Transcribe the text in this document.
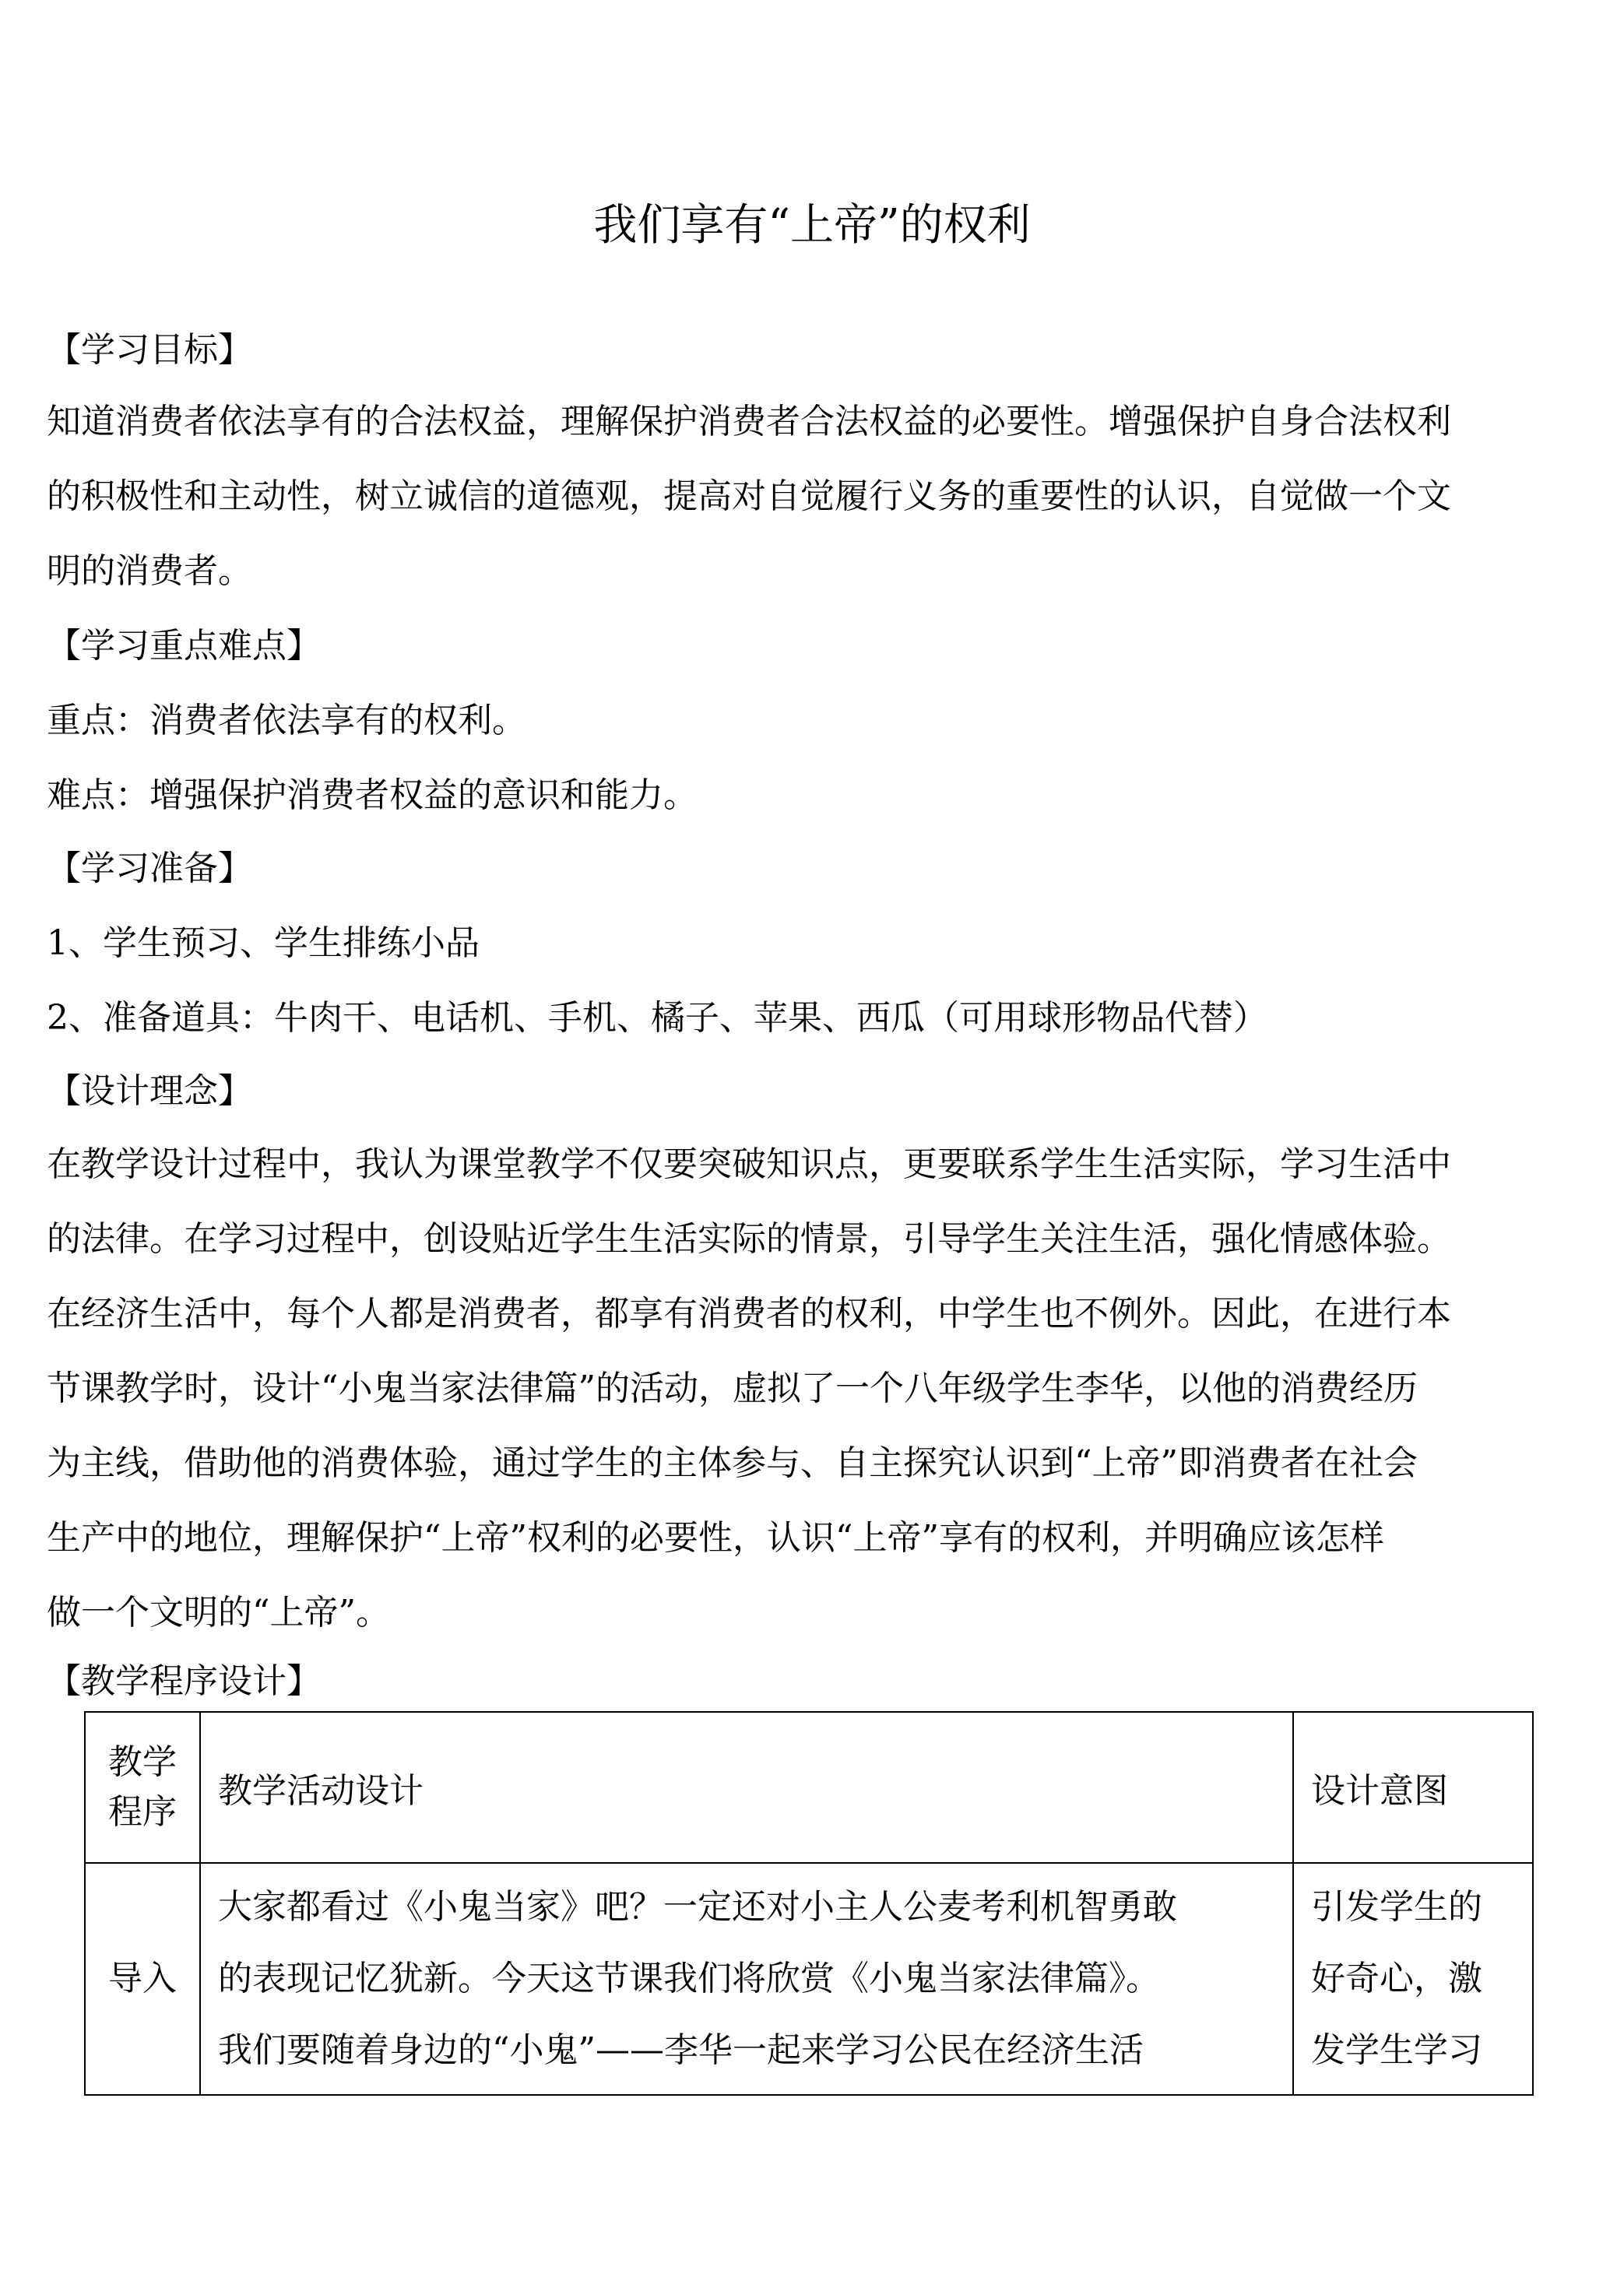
我们享有“上帝”的权利

【学习目标】

知道消费者依法享有的合法权益，理解保护消费者合法权益的必要性。增强保护自身合法权利

的积极性和主动性，树立诚信的道德观，提高对自觉履行义务的重要性的认识，自觉做一个文

明的消费者。

【学习重点难点】

重点：消费者依法享有的权利。

难点：增强保护消费者权益的意识和能力。

【学习准备】

1、学生预习、学生排练小品

2、准备道具：牛肉干、电话机、手机、橘子、苹果、西瓜（可用球形物品代替）

【设计理念】

在教学设计过程中，我认为课堂教学不仅要突破知识点，更要联系学生生活实际，学习生活中

的法律。在学习过程中，创设贴近学生生活实际的情景，引导学生关注生活，强化情感体验。

在经济生活中，每个人都是消费者，都享有消费者的权利，中学生也不例外。因此，在进行本

节课教学时，设计“小鬼当家法律篇”的活动，虚拟了一个八年级学生李华，以他的消费经历

为主线，借助他的消费体验，通过学生的主体参与、自主探究认识到“上帝”即消费者在社会

生产中的地位，理解保护“上帝”权利的必要性，认识“上帝”享有的权利，并明确应该怎样

做一个文明的“上帝”。

【教学程序设计】

教学
程序	教学活动设计	设计意图
导入	大家都看过《小鬼当家》吧？一定还对小主人公麦考利机智勇敢
的表现记忆犹新。今天这节课我们将欣赏《小鬼当家法律篇》。
我们要随着身边的“小鬼”——李华一起来学习公民在经济生活	引发学生的
好奇心，激
发学生学习
